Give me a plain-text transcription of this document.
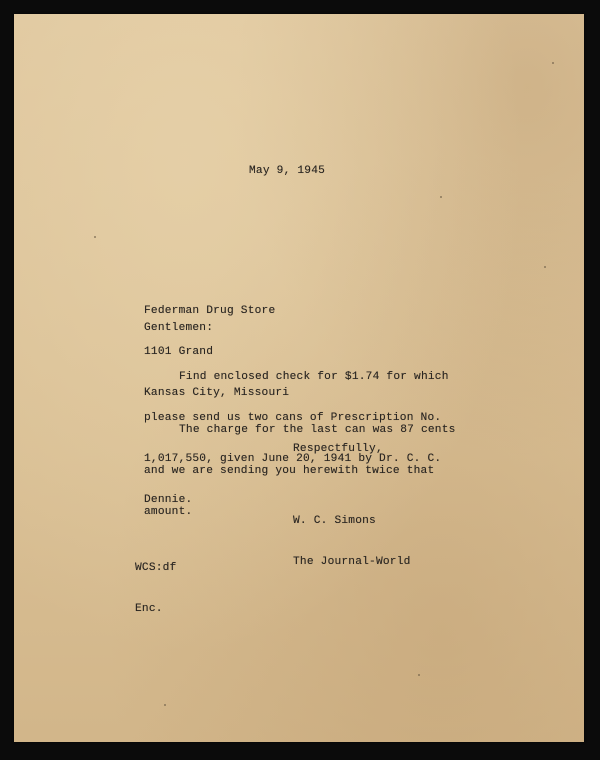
May 9, 1945

Federman Drug Store

1101 Grand

Kansas City, Missouri

Gentlemen:

Find enclosed check for $1.74 for which

please send us two cans of Prescription No.

1,017,550, given June 20, 1941 by Dr. C. C.

Dennie.

The charge for the last can was 87 cents

and we are sending you herewith twice that

amount.

Respectfully,

W. C. Simons

The Journal-World

WCS:df

Enc.
